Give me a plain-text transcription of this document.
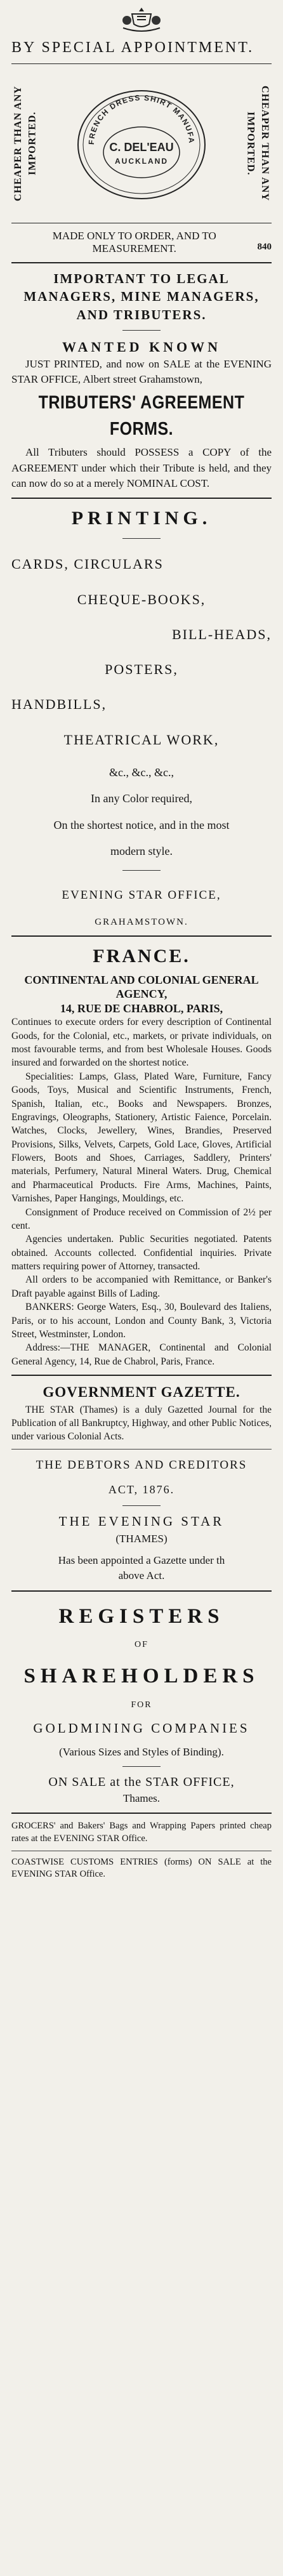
BY SPECIAL APPOINTMENT.

CHEAPER THAN ANY IMPORTED.	FRENCH DRESS SHIRT MANUFA
C. DEL'EAU
AUCKLAND	CHEAPER THAN ANY IMPORTED.
840
MADE ONLY TO ORDER, AND TO MEASUREMENT.

IMPORTANT TO LEGAL MANAGERS, MINE MANAGERS, AND TRIBUTERS.

WANTED KNOWN

JUST PRINTED, and now on SALE at the EVENING STAR OFFICE, Albert street Grahamstown,

TRIBUTERS' AGREEMENT FORMS.

All Tributers should POSSESS a COPY of the AGREEMENT under which their Tribute is held, and they can now do so at a merely NOMINAL COST.

PRINTING.

CARDS, CIRCULARS

CHEQUE-BOOKS,

BILL-HEADS,

POSTERS,

HANDBILLS,

THEATRICAL WORK,

&c., &c., &c.,

In any Color required,

On the shortest notice, and in the most

modern style.

EVENING STAR OFFICE,

GRAHAMSTOWN.

FRANCE.

CONTINENTAL AND COLONIAL GENERAL AGENCY,

14, RUE DE CHABROL, PARIS,

Continues to execute orders for every description of Continental Goods, for the Colonial, etc., markets, or private individuals, on most favourable terms, and from best Wholesale Houses. Goods insured and forwarded on the shortest notice.

Specialities: Lamps, Glass, Plated Ware, Furniture, Fancy Goods, Toys, Musical and Scientific Instruments, French, Spanish, Italian, etc., Books and Newspapers. Bronzes, Engravings, Oleographs, Stationery, Artistic Faience, Porcelain. Watches, Clocks, Jewellery, Wines, Brandies, Preserved Provisions, Silks, Velvets, Carpets, Gold Lace, Gloves, Artificial Flowers, Boots and Shoes, Carriages, Saddlery, Printers' materials, Perfumery, Natural Mineral Waters. Drug, Chemical and Pharmaceutical Products. Fire Arms, Machines, Paints, Varnishes, Paper Hangings, Mouldings, etc.

Consignment of Produce received on Commission of 2½ per cent.

Agencies undertaken. Public Securities negotiated. Patents obtained. Accounts collected. Confidential inquiries. Private matters requiring power of Attorney, transacted.

All orders to be accompanied with Remittance, or Banker's Draft payable against Bills of Lading.

BANKERS: George Waters, Esq., 30, Boulevard des Italiens, Paris, or to his account, London and County Bank, 3, Victoria Street, Westminster, London.

Address:—THE MANAGER, Continental and Colonial General Agency, 14, Rue de Chabrol, Paris, France.

GOVERNMENT GAZETTE.

THE STAR (Thames) is a duly Gazetted Journal for the Publication of all Bankruptcy, Highway, and other Public Notices, under various Colonial Acts.

THE DEBTORS AND CREDITORS

ACT, 1876.

THE EVENING STAR

(THAMES)

Has been appointed a Gazette under th

above Act.

REGISTERS

OF

SHAREHOLDERS

FOR

GOLDMINING COMPANIES

(Various Sizes and Styles of Binding).

ON SALE at the STAR OFFICE,

Thames.

GROCERS' and Bakers' Bags and Wrapping Papers printed cheap rates at the EVENING STAR Office.

COASTWISE CUSTOMS ENTRIES (forms) ON SALE at the EVENING STAR Office.
